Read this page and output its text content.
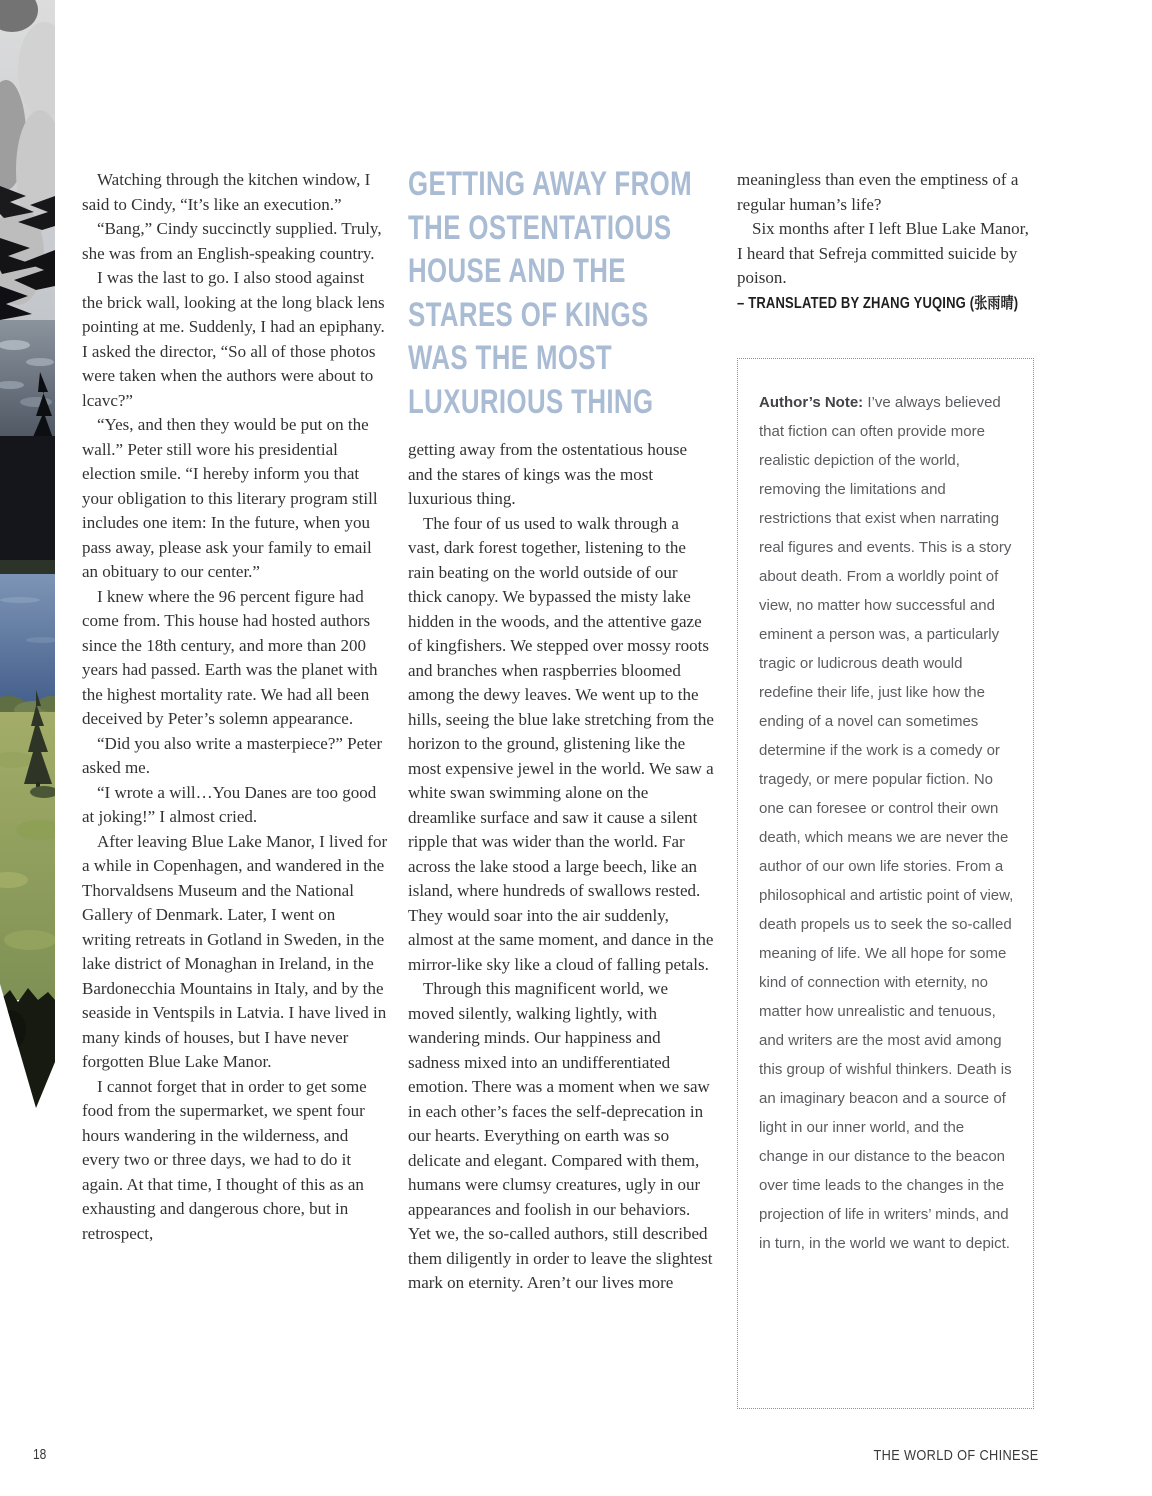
Watching through the kitchen window, I said to Cindy, “It’s like an execution.”

“Bang,” Cindy succinctly supplied. Truly, she was from an English-speaking country.

I was the last to go. I also stood against the brick wall, looking at the long black lens pointing at me. Suddenly, I had an epiphany. I asked the director, “So all of those photos were taken when the authors were about to lcavc?”

“Yes, and then they would be put on the wall.” Peter still wore his presidential election smile. “I hereby inform you that your obligation to this literary program still includes one item: In the future, when you pass away, please ask your family to email an obituary to our center.”

I knew where the 96 percent figure had come from. This house had hosted authors since the 18th century, and more than 200 years had passed. Earth was the planet with the highest mortality rate. We had all been deceived by Peter’s solemn appearance.

“Did you also write a masterpiece?” Peter asked me.

“I wrote a will…You Danes are too good at joking!” I almost cried.

After leaving Blue Lake Manor, I lived for a while in Copenhagen, and wandered in the Thorvaldsens Museum and the National Gallery of Denmark. Later, I went on writing retreats in Gotland in Sweden, in the lake district of Monaghan in Ireland, in the Bardonecchia Mountains in Italy, and by the seaside in Ventspils in Latvia. I have lived in many kinds of houses, but I have never forgotten Blue Lake Manor.

I cannot forget that in order to get some food from the supermarket, we spent four hours wandering in the wilderness, and every two or three days, we had to do it again. At that time, I thought of this as an exhausting and dangerous chore, but in retrospect,

GETTING AWAY FROM
THE OSTENTATIOUS
HOUSE AND THE
STARES OF KINGS
WAS THE MOST
LUXURIOUS THING

getting away from the ostentatious house and the stares of kings was the most luxurious thing.

The four of us used to walk through a vast, dark forest together, listening to the rain beating on the world outside of our thick canopy. We bypassed the misty lake hidden in the woods, and the attentive gaze of kingfishers. We stepped over mossy roots and branches when raspberries bloomed among the dewy leaves. We went up to the hills, seeing the blue lake stretching from the horizon to the ground, glistening like the most expensive jewel in the world. We saw a white swan swimming alone on the dreamlike surface and saw it cause a silent ripple that was wider than the world. Far across the lake stood a large beech, like an island, where hundreds of swallows rested. They would soar into the air suddenly, almost at the same moment, and dance in the mirror-like sky like a cloud of falling petals.

Through this magnificent world, we moved silently, walking lightly, with wandering minds. Our happiness and sadness mixed into an undifferentiated emotion. There was a moment when we saw in each other’s faces the self-deprecation in our hearts. Everything on earth was so delicate and elegant. Compared with them, humans were clumsy creatures, ugly in our appearances and foolish in our behaviors. Yet we, the so-called authors, still described them diligently in order to leave the slightest mark on eternity. Aren’t our lives more

meaningless than even the emptiness of a regular human’s life?

Six months after I left Blue Lake Manor, I heard that Sefreja committed suicide by poison.

– TRANSLATED BY ZHANG YUQING (张雨晴)

Author’s Note: I’ve always believed that fiction can often provide more realistic depiction of the world, removing the limitations and restrictions that exist when narrating real figures and events. This is a story about death. From a worldly point of view, no matter how successful and eminent a person was, a particularly tragic or ludicrous death would redefine their life, just like how the ending of a novel can sometimes determine if the work is a comedy or tragedy, or mere popular fiction. No one can foresee or control their own death, which means we are never the author of our own life stories. From a philosophical and artistic point of view, death propels us to seek the so-called meaning of life. We all hope for some kind of connection with eternity, no matter how unrealistic and tenuous, and writers are the most avid among this group of wishful thinkers. Death is an imaginary beacon and a source of light in our inner world, and the change in our distance to the beacon over time leads to the changes in the projection of life in writers’ minds, and in turn, in the world we want to depict.

18	THE WORLD OF CHINESE
